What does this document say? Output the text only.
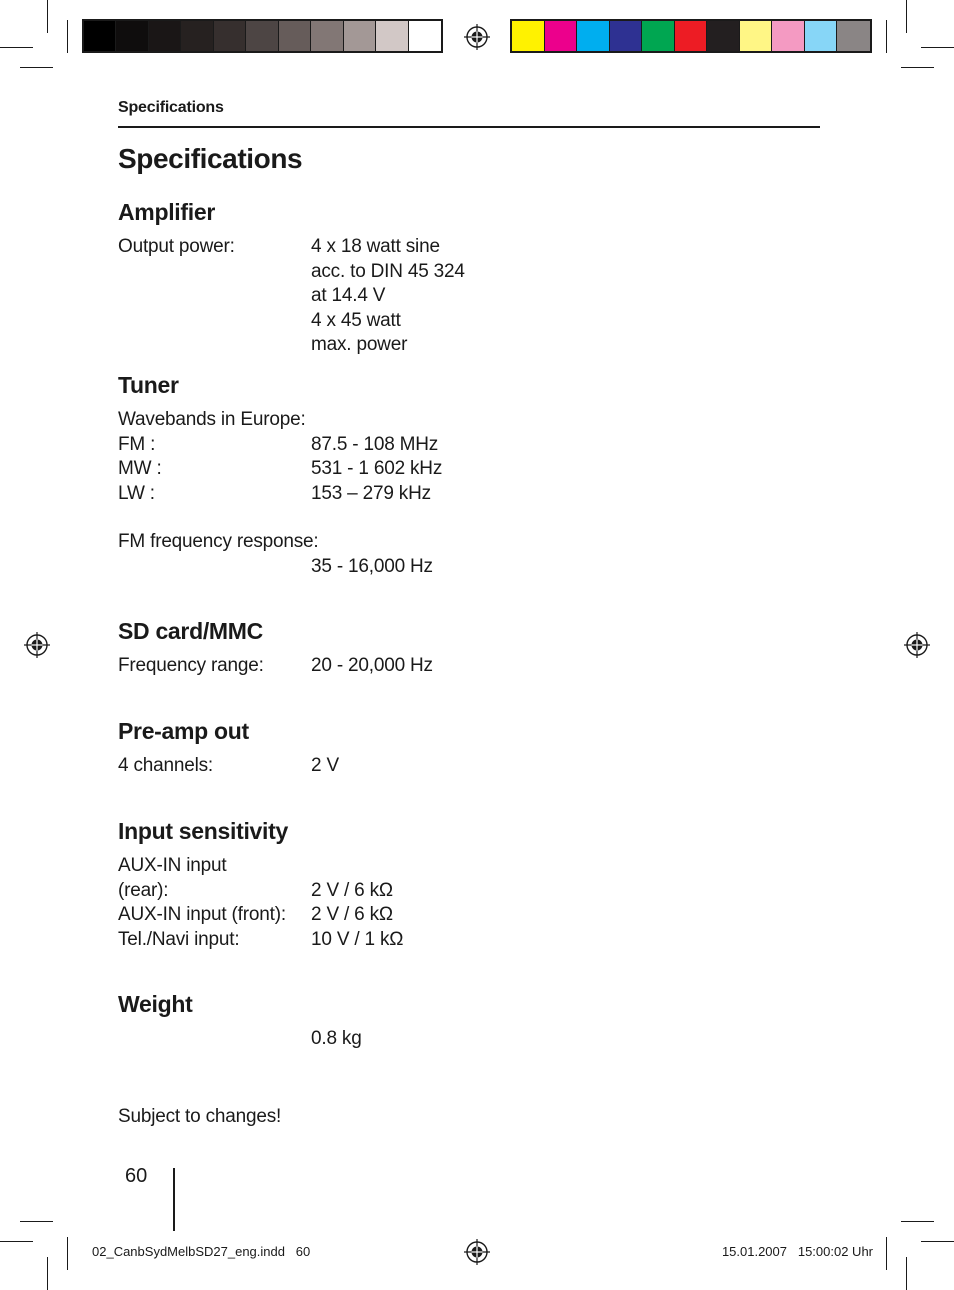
Specifications
Specifications
Amplifier
Output power:	4 x 18 watt sine
acc. to DIN 45 324
at 14.4 V
4 x 45 watt
max. power
Tuner
Wavebands in Europe:
FM :	87.5 - 108 MHz
MW :	531 - 1 602 kHz
LW :	153 – 279 kHz
FM frequency response:
35 - 16,000 Hz
SD card/MMC
Frequency range: 20 - 20,000 Hz
Pre-amp out
4 channels:	2 V
Input sensitivity
AUX-IN input
(rear):	2 V / 6 kΩ
AUX-IN input (front): 2 V / 6 kΩ
Tel./Navi input:	10 V / 1 kΩ
Weight
0.8 kg
Subject to changes!
60
02_CanbSydMelbSD27_eng.indd   60	15.01.2007   15:00:02 Uhr
